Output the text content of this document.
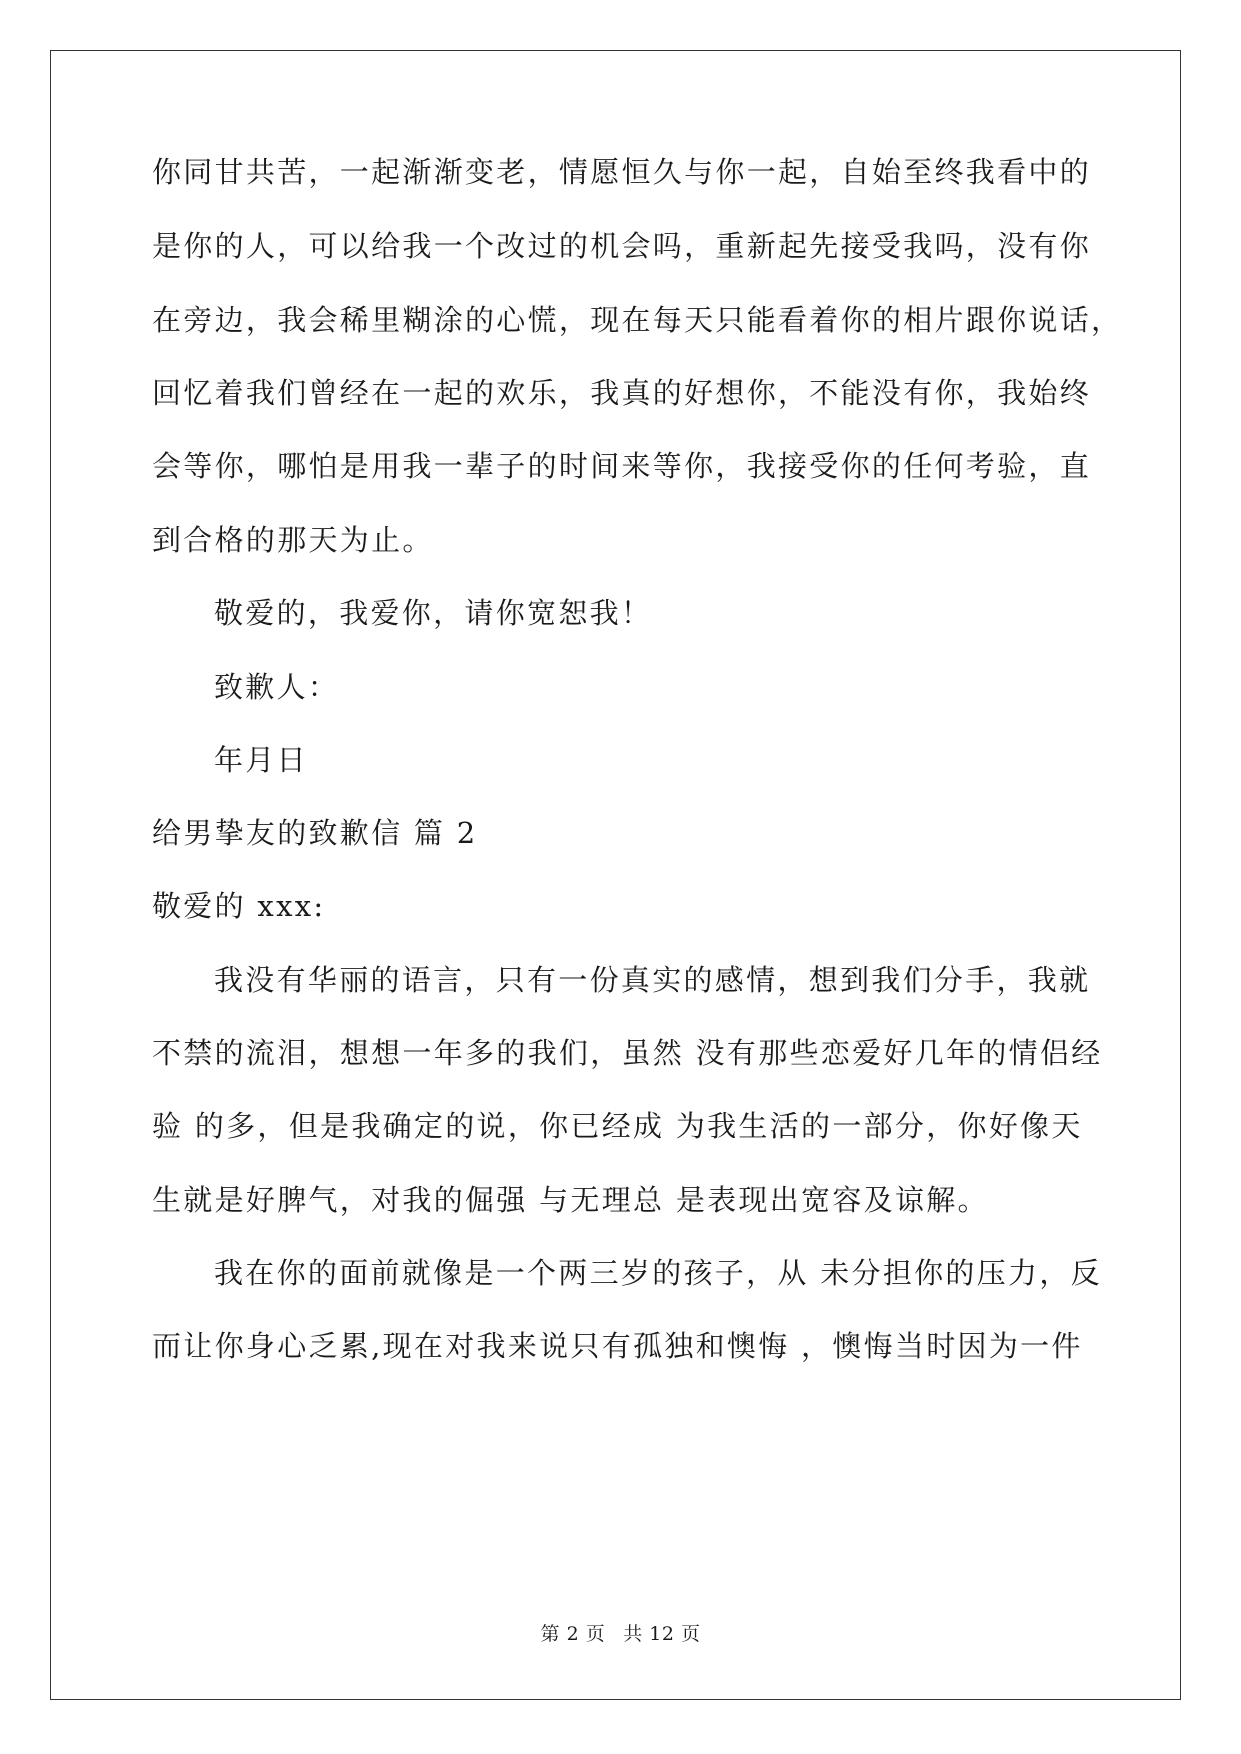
你同甘共苦，一起渐渐变老，情愿恒久与你一起，自始至终我看中的
是你的人，可以给我一个改过的机会吗，重新起先接受我吗，没有你
在旁边，我会稀里糊涂的心慌，现在每天只能看着你的相片跟你说话，
回忆着我们曾经在一起的欢乐，我真的好想你，不能没有你，我始终
会等你，哪怕是用我一辈子的时间来等你，我接受你的任何考验，直
到合格的那天为止。
敬爱的，我爱你，请你宽恕我！
致歉人：
年月日
给男挚友的致歉信 篇 2
敬爱的 xxx:
我没有华丽的语言，只有一份真实的感情，想到我们分手，我就
不禁的流泪，想想一年多的我们，虽然 没有那些恋爱好几年的情侣经
验 的多，但是我确定的说，你已经成 为我生活的一部分，你好像天
生就是好脾气，对我的倔强 与无理总 是表现出宽容及谅解。
我在你的面前就像是一个两三岁的孩子，从 未分担你的压力，反
而让你身心乏累,现在对我来说只有孤独和懊悔 ，懊悔当时因为一件
第 2 页 共 12 页
